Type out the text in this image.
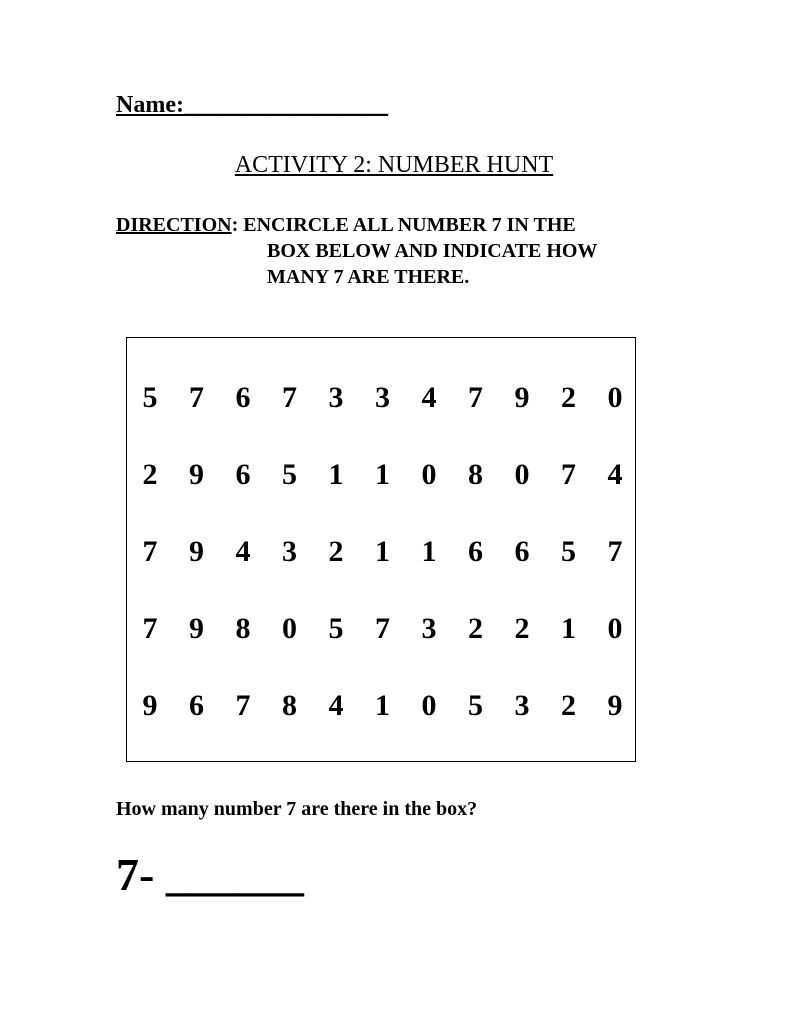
Name:_________________
ACTIVITY 2: NUMBER HUNT
DIRECTION: ENCIRCLE ALL NUMBER 7 IN THE
BOX BELOW AND INDICATE HOW
MANY 7 ARE THERE.
5 7 6 7 3 3 4 7 9 2 0
2 9 6 5 1 1 0 8 0 7 4
7 9 4 3 2 1 1 6 6 5 7
7 9 8 0 5 7 3 2 2 1 0
9 6 7 8 4 1 0 5 3 2 9
How many number 7 are there in the box?
7- ______
